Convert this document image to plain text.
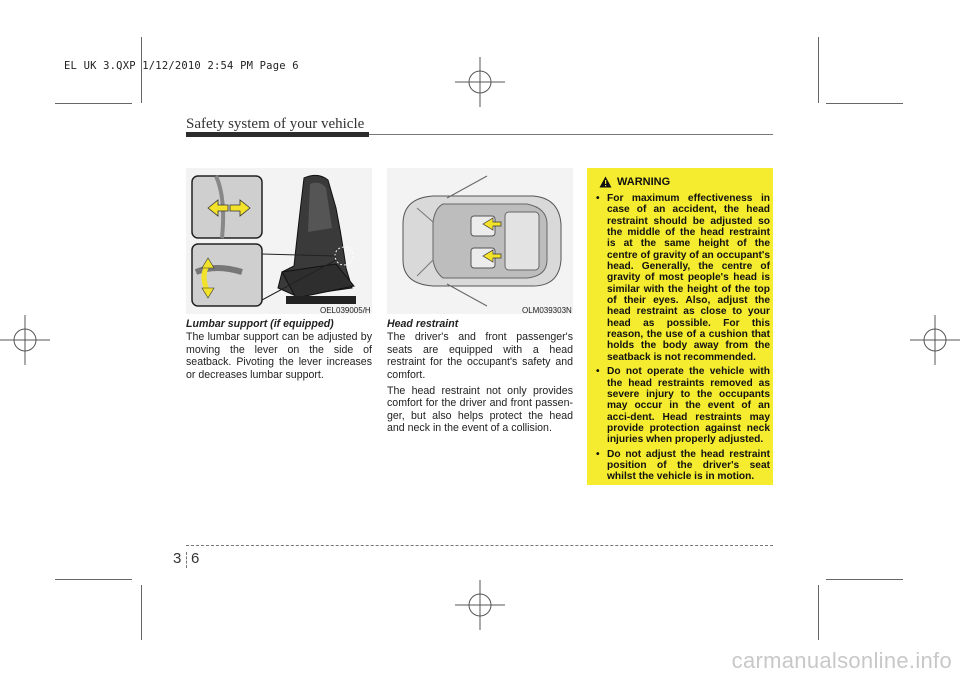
EL UK 3.QXP 1/12/2010 2:54 PM Page 6
Safety system of your vehicle
OEL039005/H	OLM039303N
Lumbar support (if equipped)

The lumbar support can be adjusted by moving the lever on the side of seatback. Pivoting the lever increases or decreases lumbar support.

Head restraint

The driver's and front passenger's seats are equipped with a head restraint for the occupant's safety and comfort.

The head restraint not only provides comfort for the driver and front passen-ger, but also helps protect the head and neck in the event of a collision.

WARNING
• For maximum effectiveness in case of an accident, the head restraint should be adjusted so the middle of the head restraint is at the same height of the centre of gravity of an occupant's head. Generally, the centre of gravity of most people's head is similar with the height of the top of their eyes. Also, adjust the head restraint as close to your head as possible. For this reason, the use of a cushion that holds the body away from the seatback is not recommended.
• Do not operate the vehicle with the head restraints removed as severe injury to the occupants may occur in the event of an acci-dent. Head restraints may provide protection against neck injuries when properly adjusted.
• Do not adjust the head restraint position of the driver's seat whilst the vehicle is in motion.
3 6
carmanualsonline.info
